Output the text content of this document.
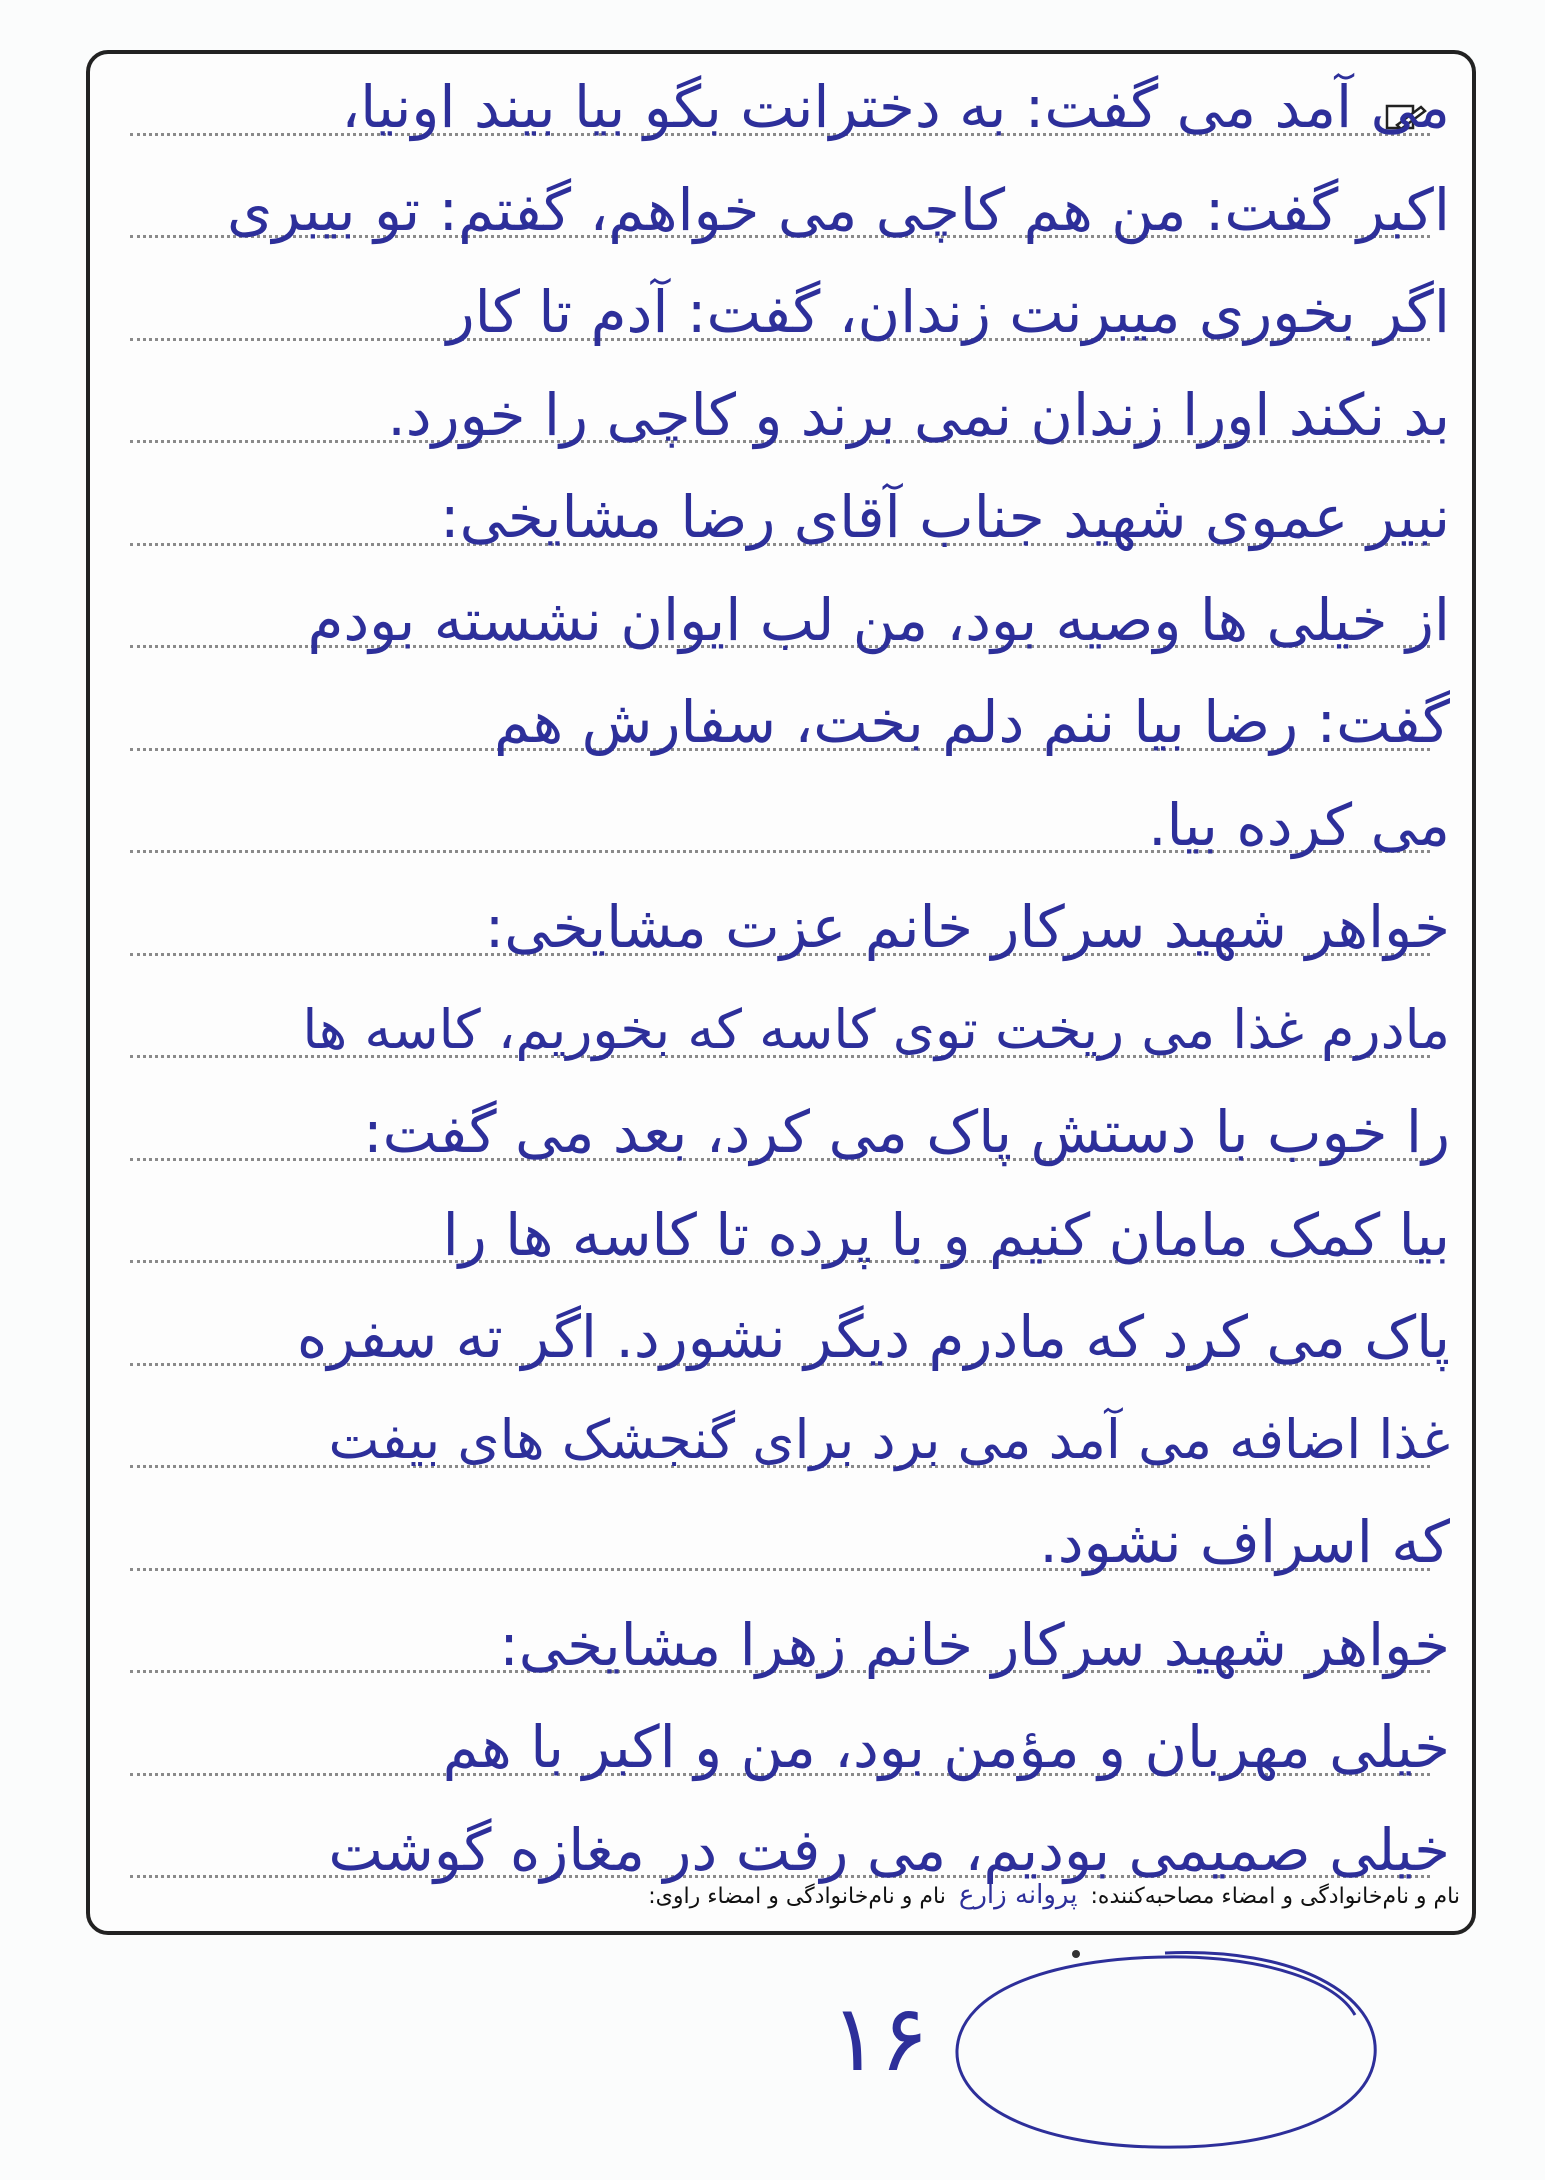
می آمد می گفت: به دخترانت بگو بیا بیند اونیا،
اکبر گفت: من هم کاچی می خواهم، گفتم: تو بیبری
اگر بخوری میبرنت زندان، گفت: آدم تا کار
بد نکند اورا زندان نمی برند و کاچی را خورد.
نبیر عموی شهید جناب آقای رضا مشایخی:
از خیلی ها وصیه بود، من لب ایوان نشسته بودم
گفت: رضا بیا ننم دلم بخت، سفارش هم
می کرده بیا.
خواهر شهید سرکار خانم عزت مشایخی:
مادرم غذا می ریخت توی کاسه که بخوریم، کاسه ها
را خوب با دستش پاک می کرد، بعد می گفت:
بیا کمک مامان کنیم و با پرده تا کاسه ها را
پاک می کرد که مادرم دیگر نشورد. اگر ته سفره
غذا اضافه می آمد می برد برای گنجشک های بیفت
که اسراف نشود.
خواهر شهید سرکار خانم زهرا مشایخی:
خیلی مهربان و مؤمن بود، من و اکبر با هم
خیلی صمیمی بودیم، می رفت در مغازه گوشت
نام و نام‌خانوادگی و امضاء مصاحبه‌کننده: پروانه زارع نام و نام‌خانوادگی و امضاء راوی:
۱۶
